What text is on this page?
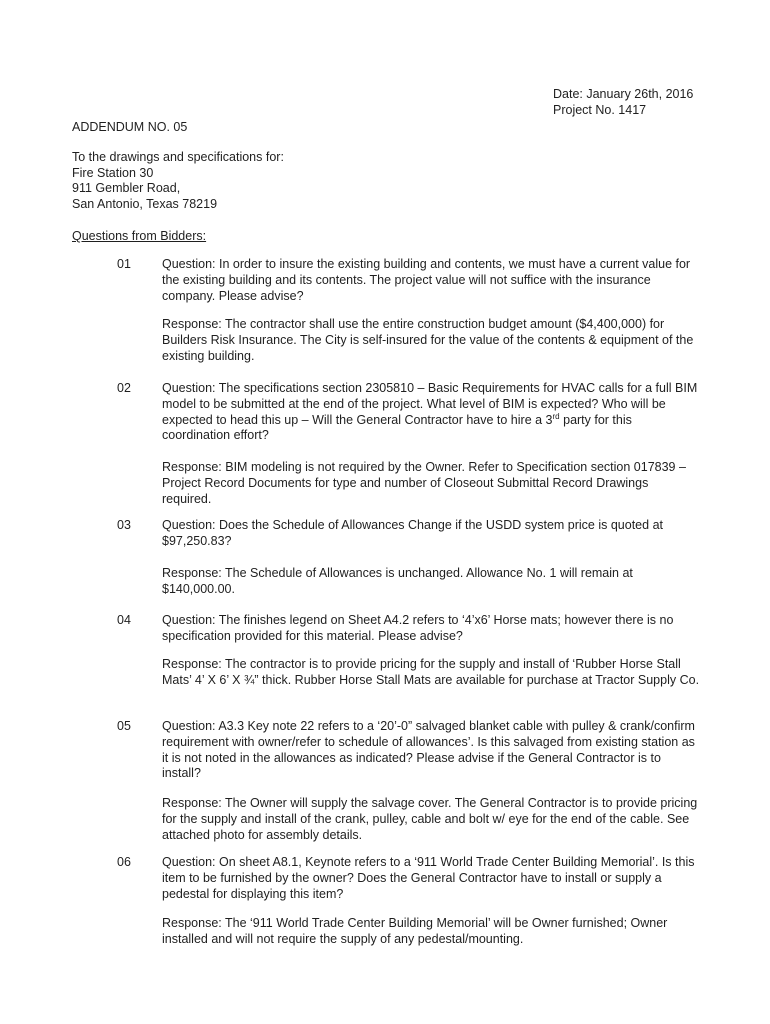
Date: January 26th, 2016
Project No. 1417
ADDENDUM NO. 05
To the drawings and specifications for:
Fire Station 30
911 Gembler Road,
San Antonio, Texas 78219
Questions from Bidders:
01 Question: In order to insure the existing building and contents, we must have a current value for the existing building and its contents. The project value will not suffice with the insurance company. Please advise?
Response: The contractor shall use the entire construction budget amount ($4,400,000) for Builders Risk Insurance. The City is self-insured for the value of the contents & equipment of the existing building.
02 Question: The specifications section 2305810 – Basic Requirements for HVAC calls for a full BIM model to be submitted at the end of the project. What level of BIM is expected? Who will be expected to head this up – Will the General Contractor have to hire a 3rd party for this coordination effort?
Response: BIM modeling is not required by the Owner. Refer to Specification section 017839 – Project Record Documents for type and number of Closeout Submittal Record Drawings required.
03 Question: Does the Schedule of Allowances Change if the USDD system price is quoted at $97,250.83?
Response: The Schedule of Allowances is unchanged. Allowance No. 1 will remain at $140,000.00.
04 Question: The finishes legend on Sheet A4.2 refers to ‘4’x6’ Horse mats; however there is no specification provided for this material. Please advise?
Response: The contractor is to provide pricing for the supply and install of ‘Rubber Horse Stall Mats’ 4’ X 6’ X ¾” thick. Rubber Horse Stall Mats are available for purchase at Tractor Supply Co.
05 Question: A3.3 Key note 22 refers to a ‘20’-0” salvaged blanket cable with pulley & crank/confirm requirement with owner/refer to schedule of allowances’. Is this salvaged from existing station as it is not noted in the allowances as indicated? Please advise if the General Contractor is to install?
Response: The Owner will supply the salvage cover. The General Contractor is to provide pricing for the supply and install of the crank, pulley, cable and bolt w/ eye for the end of the cable. See attached photo for assembly details.
06 Question: On sheet A8.1, Keynote refers to a ‘911 World Trade Center Building Memorial’. Is this item to be furnished by the owner? Does the General Contractor have to install or supply a pedestal for displaying this item?
Response: The ‘911 World Trade Center Building Memorial’ will be Owner furnished; Owner installed and will not require the supply of any pedestal/mounting.
